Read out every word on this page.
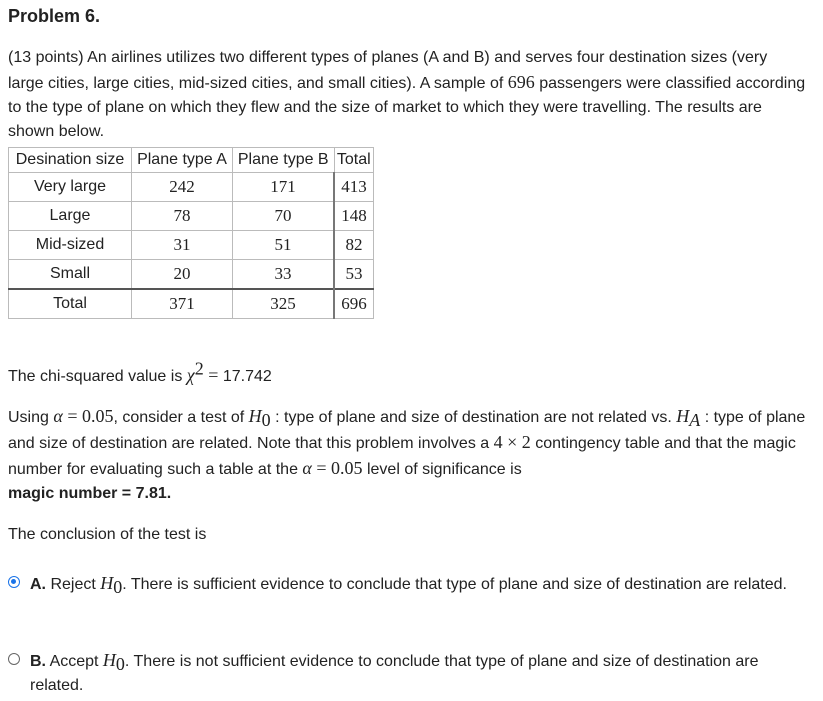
Problem 6.

(13 points) An airlines utilizes two different types of planes (A and B) and serves four destination sizes (very large cities, large cities, mid-sized cities, and small cities). A sample of 696 passengers were classified according to the type of plane on which they flew and the size of market to which they were travelling. The results are shown below.

Desination size	Plane type A	Plane type B	Total
Very large	242	171	413
Large	78	70	148
Mid-sized	31	51	82
Small	20	33	53
Total	371	325	696

The chi-squared value is $\chi^2 = 17.742$

Using α = 0.05, consider a test of $H_0$ : type of plane and size of destination are not related vs. $H_A$ : type of plane and size of destination are related. Note that this problem involves a 4 × 2 contingency table and that the magic number for evaluating such a table at the α = 0.05 level of significance is
magic number = 7.81.

The conclusion of the test is

A. Reject $H_0$. There is sufficient evidence to conclude that type of plane and size of destination are related.
B. Accept $H_0$. There is not sufficient evidence to conclude that type of plane and size of destination are related.
